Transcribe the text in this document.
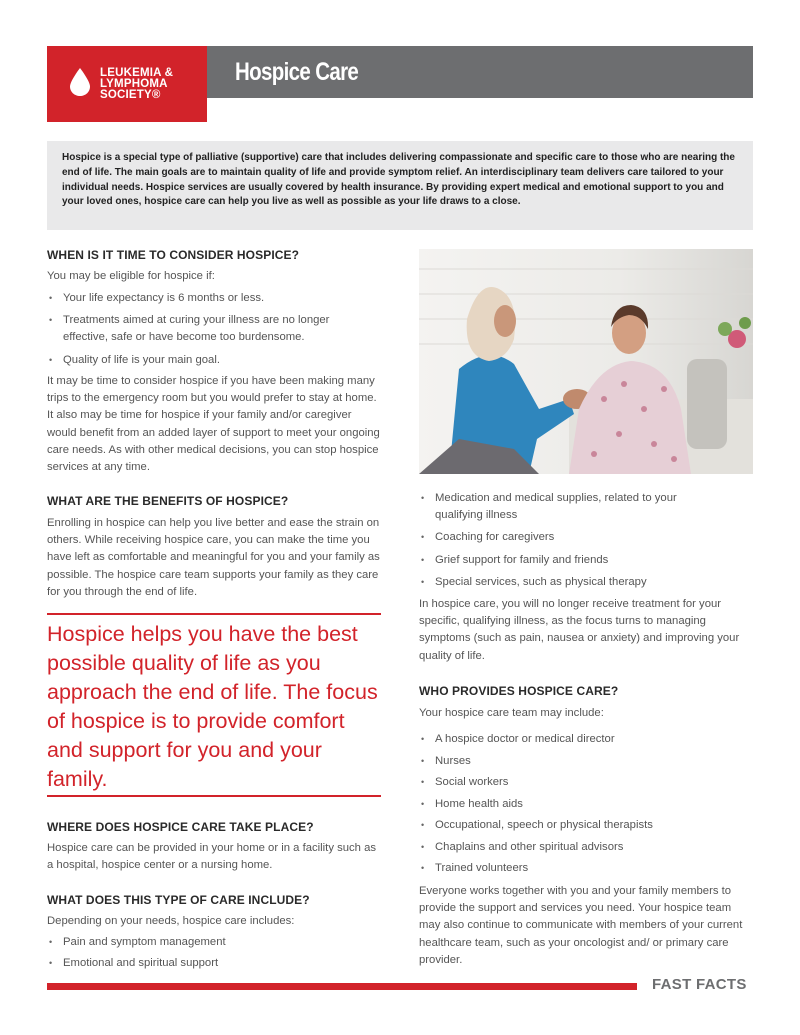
LEUKEMIA &
LYMPHOMA
SOCIETY®
Hospice Care

Hospice is a special type of palliative (supportive) care that includes delivering compassionate and specific care to those who are nearing the end of life. The main goals are to maintain quality of life and provide symptom relief. An interdisciplinary team delivers care tailored to your individual needs. Hospice services are usually covered by health insurance. By providing expert medical and emotional support to you and your loved ones, hospice care can help you live as well as possible as your life draws to a close.

WHEN IS IT TIME TO CONSIDER HOSPICE?
You may be eligible for hospice if:
• Your life expectancy is 6 months or less.
• Treatments aimed at curing your illness are no longer effective, safe or have become too burdensome.
• Quality of life is your main goal.
It may be time to consider hospice if you have been making many trips to the emergency room but you would prefer to stay at home. It also may be time for hospice if your family and/or caregiver would benefit from an added layer of support to meet your ongoing care needs. As with other medical decisions, you can stop hospice services at any time.
WHAT ARE THE BENEFITS OF HOSPICE?
Enrolling in hospice can help you live better and ease the strain on others. While receiving hospice care, you can make the time you have left as comfortable and meaningful for you and your family as possible. The hospice care team supports your family as they care for you through the end of life.
Hospice helps you have the best possible quality of life as you approach the end of life. The focus of hospice is to provide comfort and support for you and your family.
WHERE DOES HOSPICE CARE TAKE PLACE?
Hospice care can be provided in your home or in a facility such as a hospital, hospice center or a nursing home.
WHAT DOES THIS TYPE OF CARE INCLUDE?
Depending on your needs, hospice care includes:
• Pain and symptom management
• Emotional and spiritual support
• Medication and medical supplies, related to your qualifying illness
• Coaching for caregivers
• Grief support for family and friends
• Special services, such as physical therapy
In hospice care, you will no longer receive treatment for your specific, qualifying illness, as the focus turns to managing symptoms (such as pain, nausea or anxiety) and improving your quality of life.
WHO PROVIDES HOSPICE CARE?
Your hospice care team may include:
• A hospice doctor or medical director
• Nurses
• Social workers
• Home health aids
• Occupational, speech or physical therapists
• Chaplains and other spiritual advisors
• Trained volunteers
Everyone works together with you and your family members to provide the support and services you need. Your hospice team may also continue to communicate with members of your current healthcare team, such as your oncologist and/ or primary care provider.
FAST FACTS
